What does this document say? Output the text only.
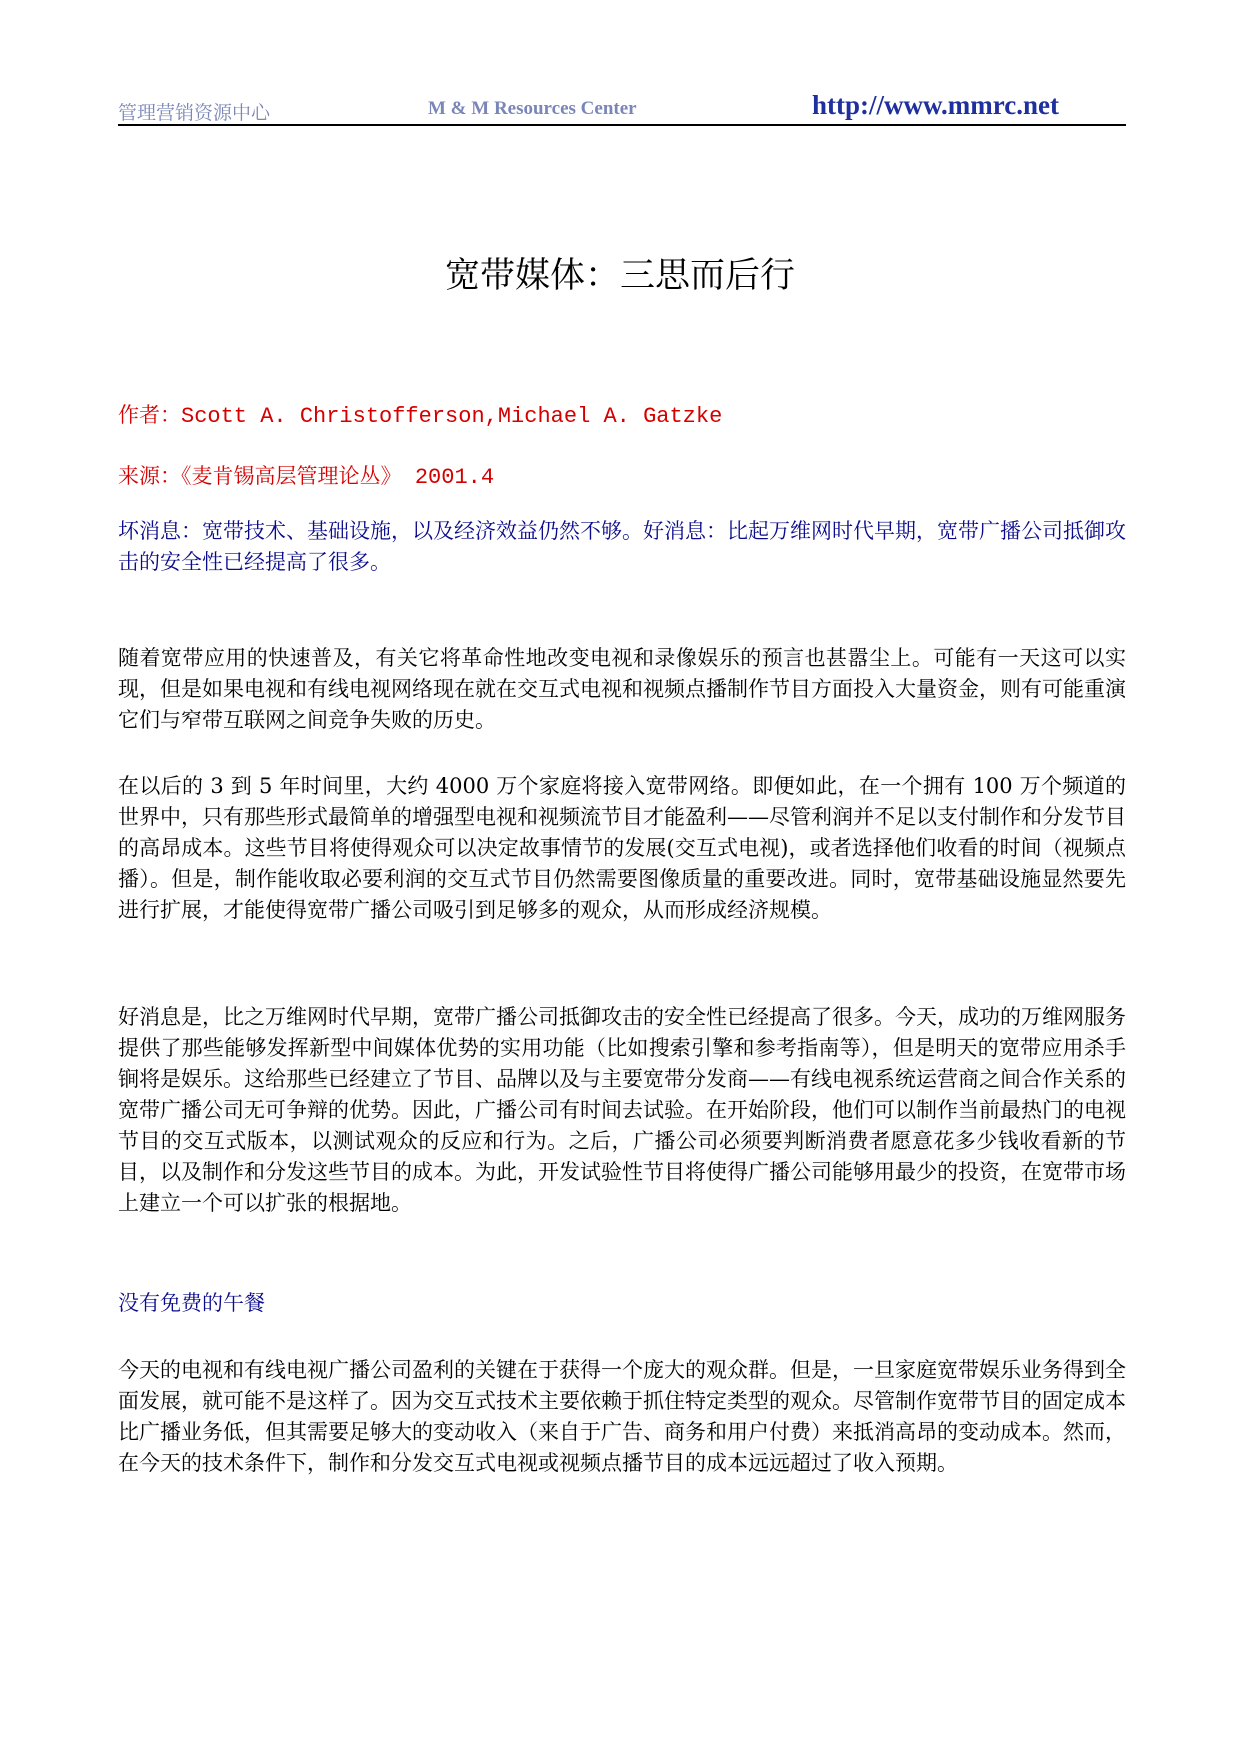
管理营销资源中心	M & M Resources Center	http://www.mmrc.net
宽带媒体：三思而后行
作者：Scott A. Christofferson,Michael A. Gatzke
来源：《麦肯锡高层管理论丛》 2001.4

坏消息：宽带技术、基础设施，以及经济效益仍然不够。好消息：比起万维网时代早期，宽带广播公司抵御攻击的安全性已经提高了很多。

随着宽带应用的快速普及，有关它将革命性地改变电视和录像娱乐的预言也甚嚣尘上。可能有一天这可以实现，但是如果电视和有线电视网络现在就在交互式电视和视频点播制作节目方面投入大量资金，则有可能重演它们与窄带互联网之间竞争失败的历史。

在以后的 3 到 5 年时间里，大约 4000 万个家庭将接入宽带网络。即便如此，在一个拥有 100 万个频道的世界中，只有那些形式最简单的增强型电视和视频流节目才能盈利——尽管利润并不足以支付制作和分发节目的高昂成本。这些节目将使得观众可以决定故事情节的发展(交互式电视)，或者选择他们收看的时间（视频点播）。但是，制作能收取必要利润的交互式节目仍然需要图像质量的重要改进。同时，宽带基础设施显然要先进行扩展，才能使得宽带广播公司吸引到足够多的观众，从而形成经济规模。

好消息是，比之万维网时代早期，宽带广播公司抵御攻击的安全性已经提高了很多。今天，成功的万维网服务提供了那些能够发挥新型中间媒体优势的实用功能（比如搜索引擎和参考指南等），但是明天的宽带应用杀手锏将是娱乐。这给那些已经建立了节目、品牌以及与主要宽带分发商——有线电视系统运营商之间合作关系的宽带广播公司无可争辩的优势。因此，广播公司有时间去试验。在开始阶段，他们可以制作当前最热门的电视节目的交互式版本，以测试观众的反应和行为。之后，广播公司必须要判断消费者愿意花多少钱收看新的节目，以及制作和分发这些节目的成本。为此，开发试验性节目将使得广播公司能够用最少的投资，在宽带市场上建立一个可以扩张的根据地。

没有免费的午餐

今天的电视和有线电视广播公司盈利的关键在于获得一个庞大的观众群。但是，一旦家庭宽带娱乐业务得到全面发展，就可能不是这样了。因为交互式技术主要依赖于抓住特定类型的观众。尽管制作宽带节目的固定成本比广播业务低，但其需要足够大的变动收入（来自于广告、商务和用户付费）来抵消高昂的变动成本。然而，在今天的技术条件下，制作和分发交互式电视或视频点播节目的成本远远超过了收入预期。
